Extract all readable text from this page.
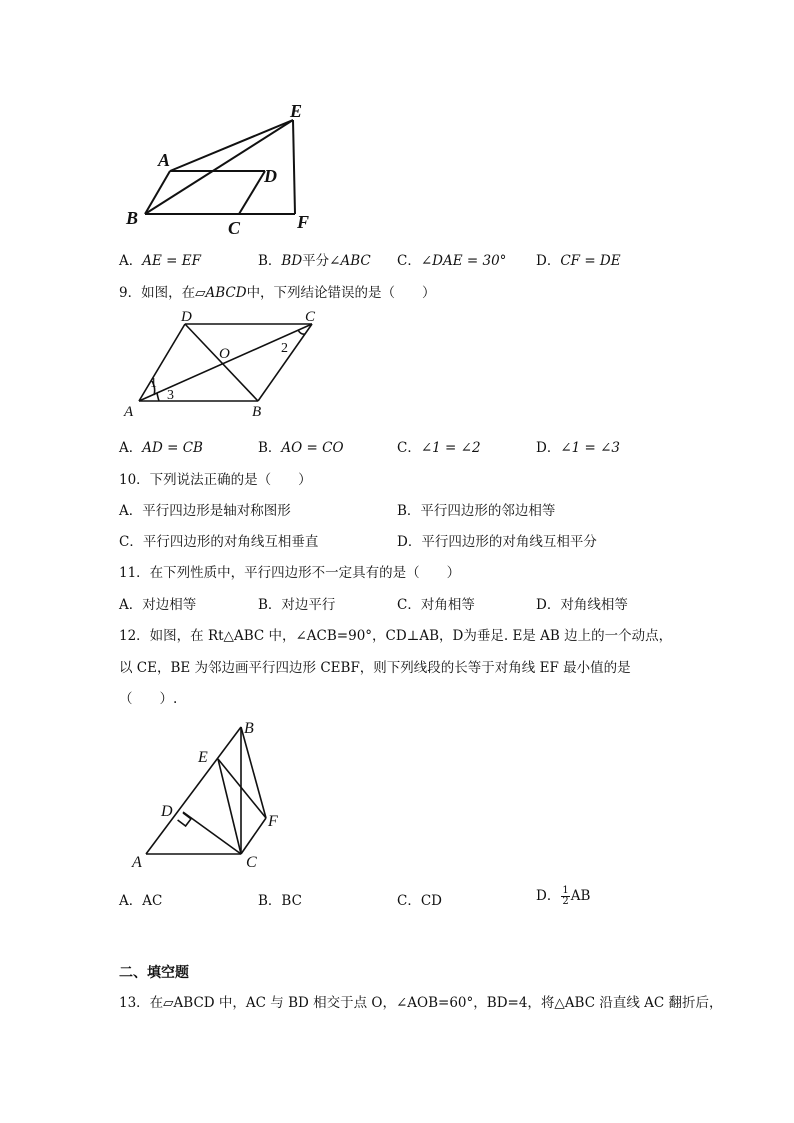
E
A
D
B	C	F
A．AE = EF	B．BD平分∠ABC C．∠DAE = 30° D．CF = DE
9．如图，在▱ABCD中，下列结论错误的是（　　）
D	C
O	2
1
3
A	B
A．AD = CB	B．AO = CO	C．∠1 = ∠2	D．∠1 = ∠3
10．下列说法正确的是（　　）
A．平行四边形是轴对称图形	B．平行四边形的邻边相等
C．平行四边形的对角线互相垂直	D．平行四边形的对角线互相平分
11．在下列性质中，平行四边形不一定具有的是（　　）
A．对边相等	B．对边平行	C．对角相等	D．对角线相等
12．如图，在 Rt△ABC 中，∠ACB=90°，CD⊥AB，D为垂足. E是 AB 边上的一个动点，
以 CE，BE 为邻边画平行四边形 CEBF，则下列线段的长等于对角线 EF 最小值的是
（　　）.
B
E
D
F
A	C
A．AC	B．BC	C．CD	D． $\frac{1}{2}$ AB
二、填空题
13．在▱ABCD 中，AC 与 BD 相交于点 O，∠AOB=60°，BD=4，将△ABC 沿直线 AC 翻折后，
